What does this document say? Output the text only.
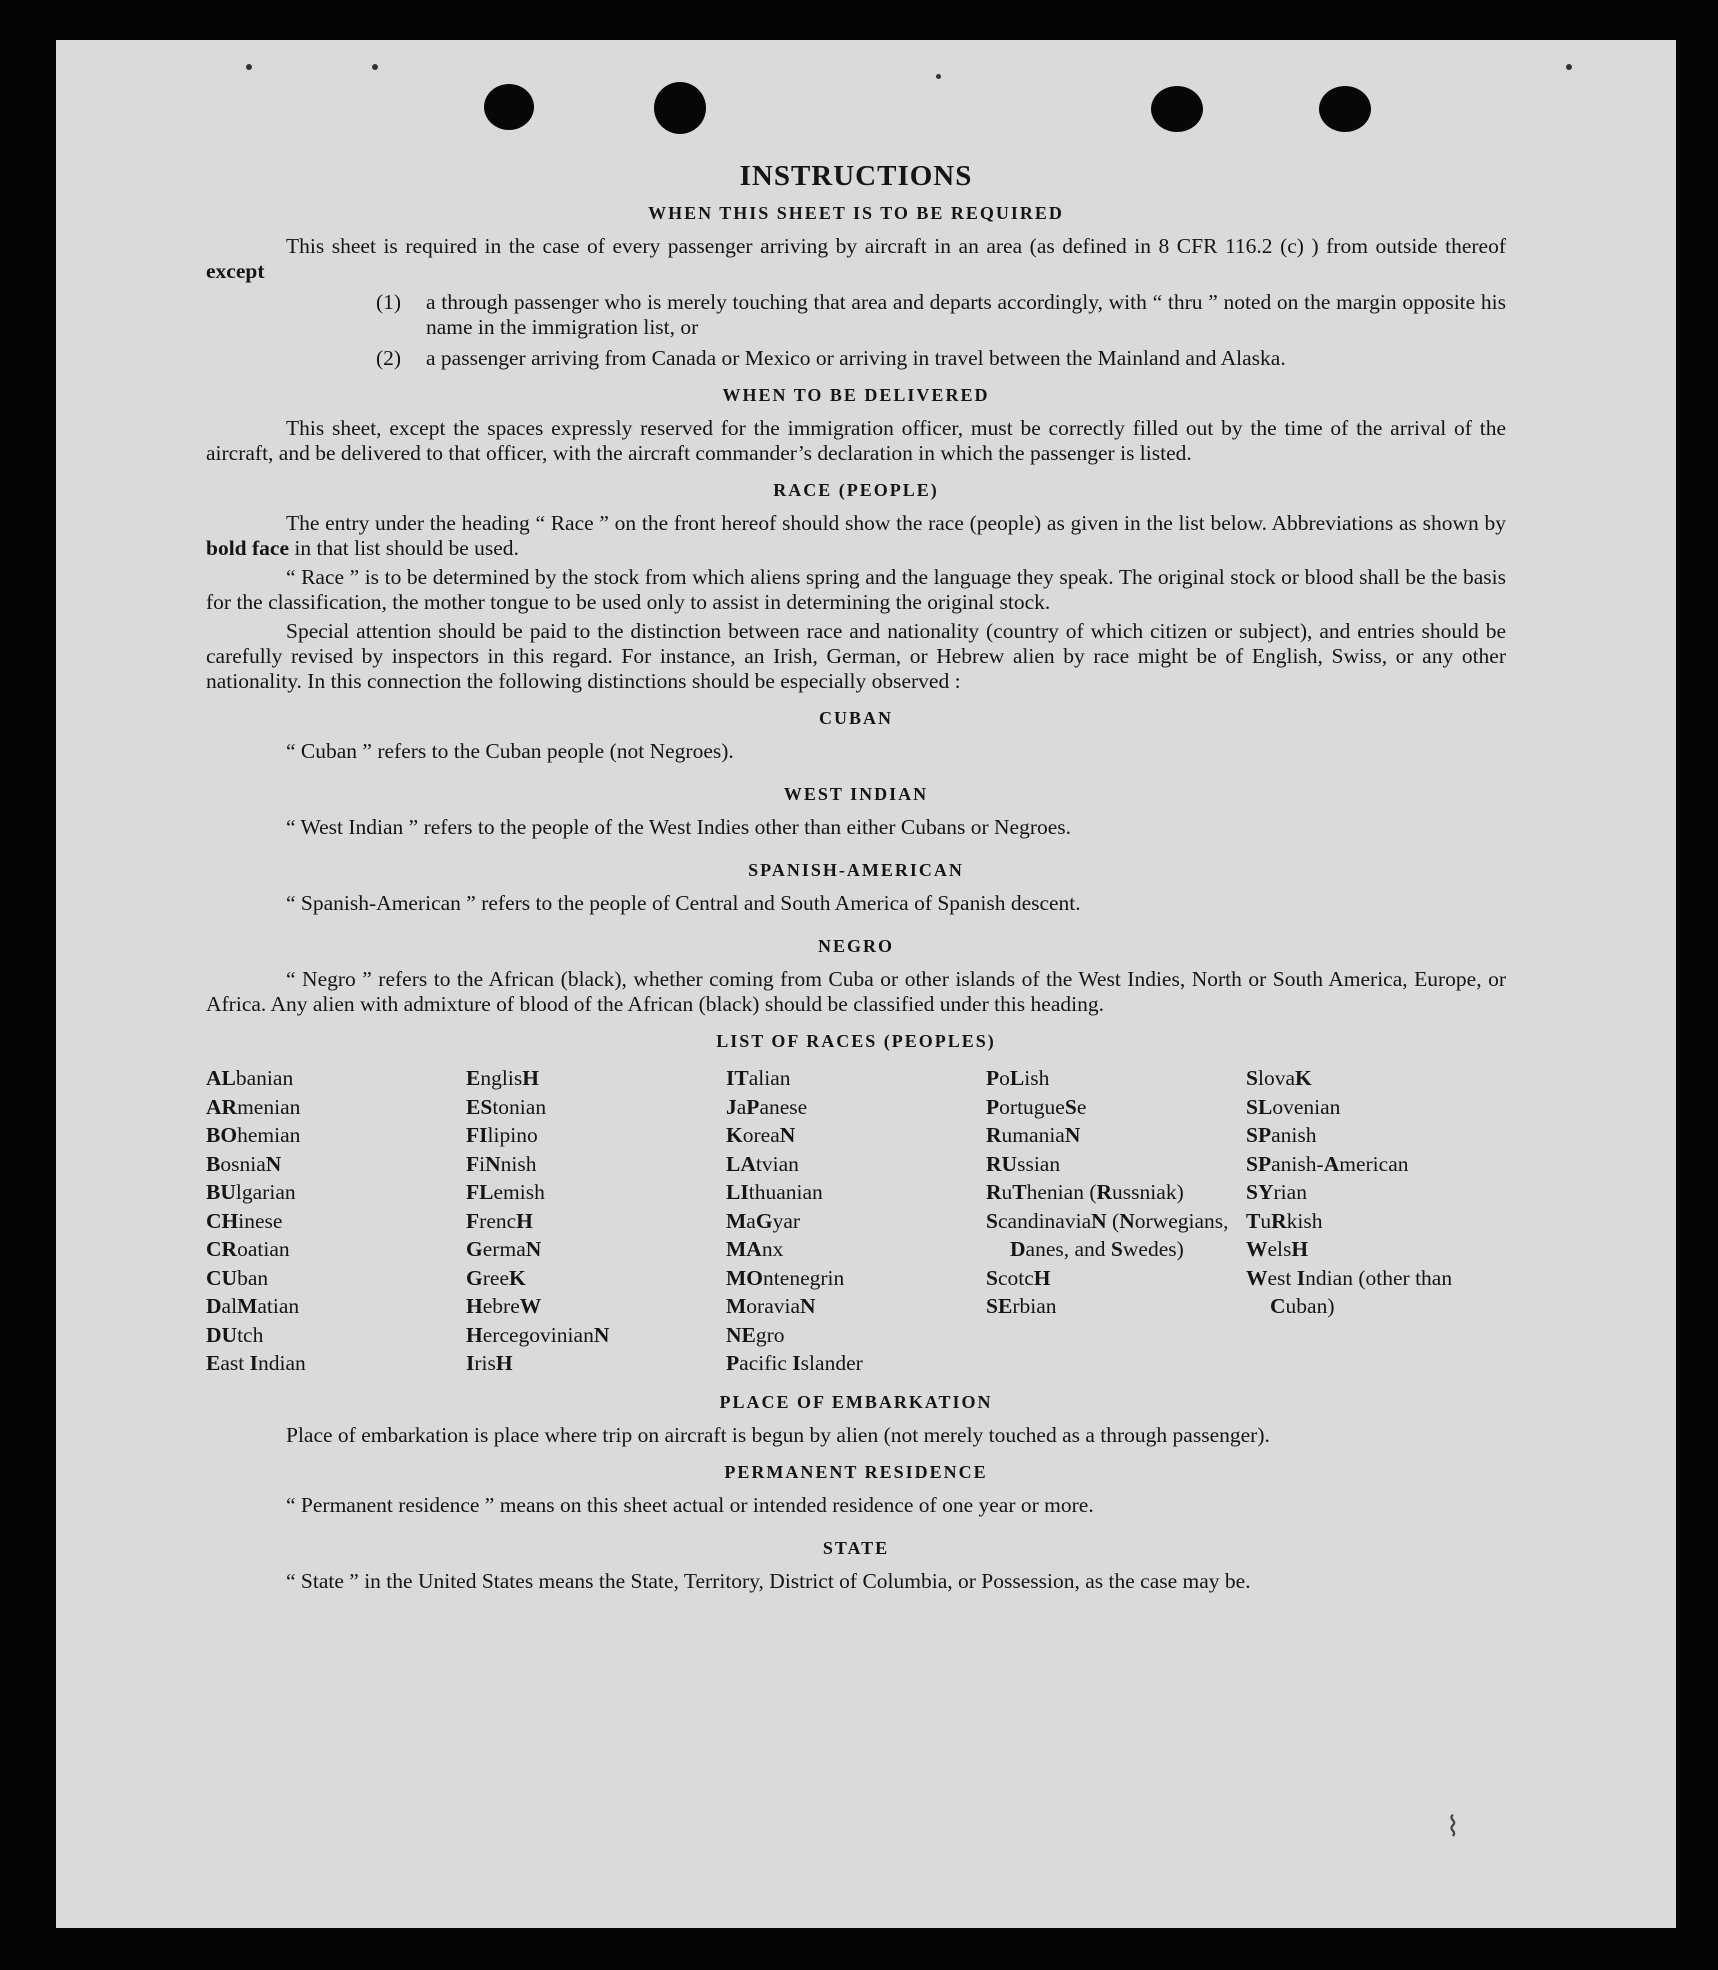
INSTRUCTIONS
WHEN THIS SHEET IS TO BE REQUIRED

This sheet is required in the case of every passenger arriving by aircraft in an area (as defined in 8 CFR 116.2 (c) ) from outside thereof except

(1)	a through passenger who is merely touching that area and departs accordingly, with “ thru ” noted on the margin opposite his name in the immigration list, or
(2)	a passenger arriving from Canada or Mexico or arriving in travel between the Mainland and Alaska.
WHEN TO BE DELIVERED

This sheet, except the spaces expressly reserved for the immigration officer, must be correctly filled out by the time of the arrival of the aircraft, and be delivered to that officer, with the aircraft commander’s declaration in which the passenger is listed.

RACE (PEOPLE)

The entry under the heading “ Race ” on the front hereof should show the race (people) as given in the list below. Abbreviations as shown by bold face in that list should be used.

“ Race ” is to be determined by the stock from which aliens spring and the language they speak. The original stock or blood shall be the basis for the classification, the mother tongue to be used only to assist in determining the original stock.

Special attention should be paid to the distinction between race and nationality (country of which citizen or subject), and entries should be carefully revised by inspectors in this regard. For instance, an Irish, German, or Hebrew alien by race might be of English, Swiss, or any other nationality. In this connection the following distinctions should be especially observed :

CUBAN

“ Cuban ” refers to the Cuban people (not Negroes).

WEST INDIAN

“ West Indian ” refers to the people of the West Indies other than either Cubans or Negroes.

SPANISH-AMERICAN

“ Spanish-American ” refers to the people of Central and South America of Spanish descent.

NEGRO

“ Negro ” refers to the African (black), whether coming from Cuba or other islands of the West Indies, North or South America, Europe, or Africa. Any alien with admixture of blood of the African (black) should be classified under this heading.

LIST OF RACES (PEOPLES)
ALbanian
ARmenian
BOhemian
BosniaN
BUlgarian
CHinese
CRoatian
CUban
DalMatian
DUtch
East Indian
EnglisH
EStonian
FIlipino
FiNnish
FLemish
FrencH
GermaN
GreeK
HebreW
HercegovinianN
IrisH
ITalian
JaPanese
KoreaN
LAtvian
LIthuanian
MaGyar
MAnx
MOntenegrin
MoraviaN
NEgro
Pacific Islander
PoLish
PortugueSe
RumaniaN
RUssian
RuThenian (Russniak)
ScandinaviaN (Norwegians, Danes, and Swedes)
ScotcH
SErbian
SlovaK
SLovenian
SPanish
SPanish-American
SYrian
TuRkish
WelsH
West Indian (other than Cuban)
PLACE OF EMBARKATION

Place of embarkation is place where trip on aircraft is begun by alien (not merely touched as a through passenger).

PERMANENT RESIDENCE

“ Permanent residence ” means on this sheet actual or intended residence of one year or more.

STATE

“ State ” in the United States means the State, Territory, District of Columbia, or Possession, as the case may be.

⌇
